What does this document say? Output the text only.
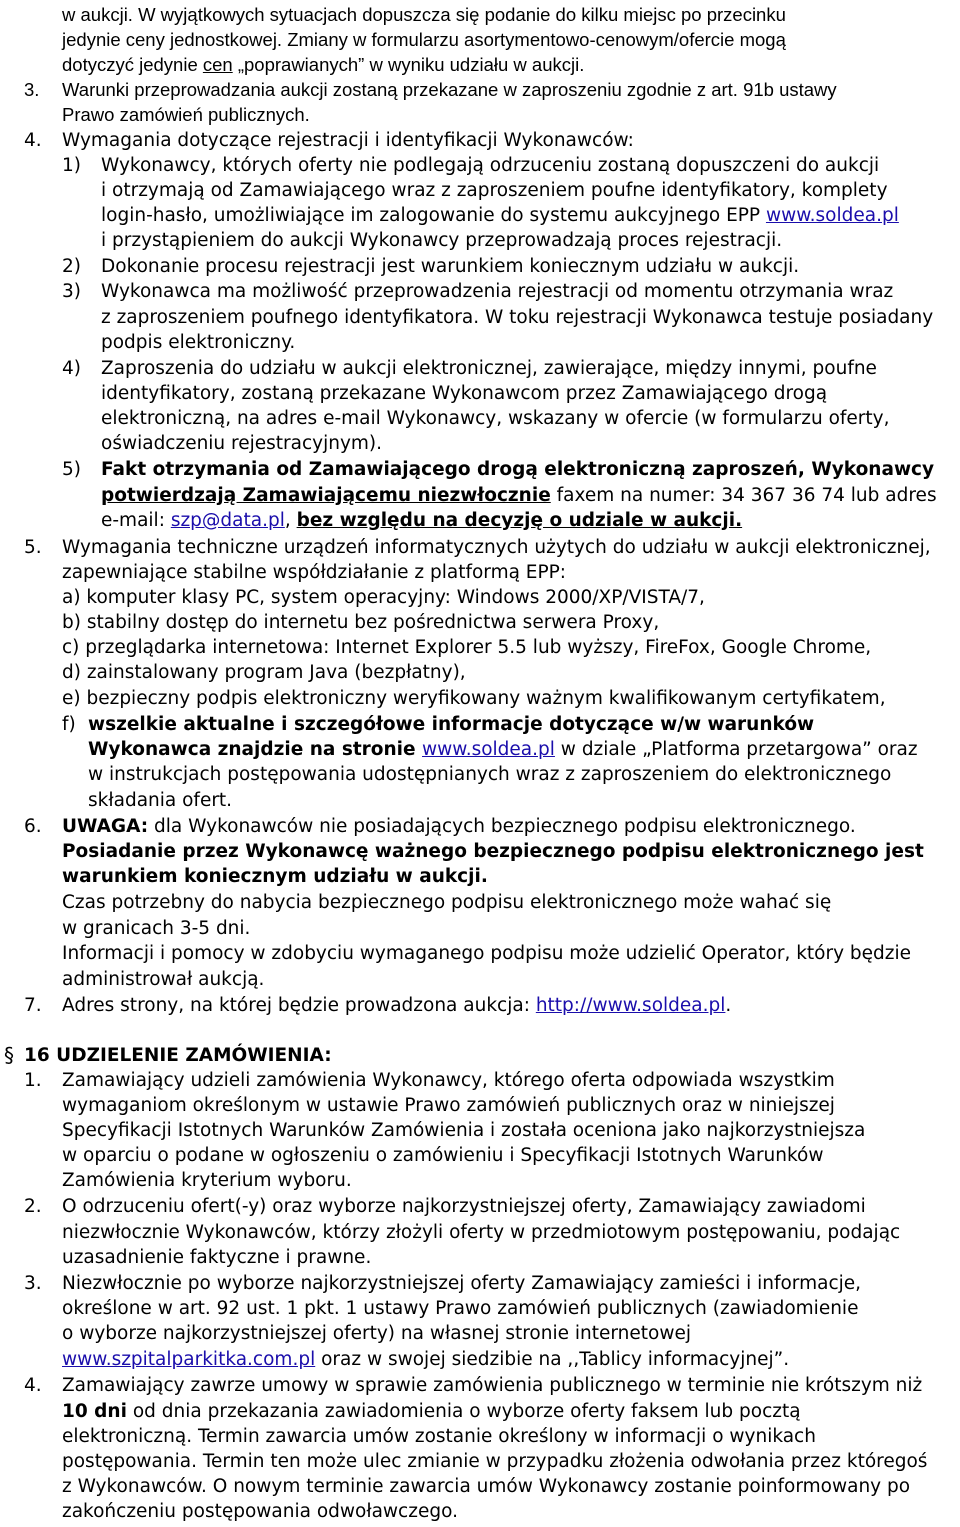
w aukcji. W wyjątkowych sytuacjach dopuszcza się podanie do kilku miejsc po przecinku
jedynie ceny jednostkowej. Zmiany w formularzu asortymentowo-cenowym/ofercie mogą
dotyczyć jedynie cen „poprawianych” w wyniku udziału w aukcji.
3. Warunki przeprowadzania aukcji zostaną przekazane w zaproszeniu zgodnie z art. 91b ustawy
Prawo zamówień publicznych.
4. Wymagania dotyczące rejestracji i identyfikacji Wykonawców:
1) Wykonawcy, których oferty nie podlegają odrzuceniu zostaną dopuszczeni do aukcji
i otrzymają od Zamawiającego wraz z zaproszeniem poufne identyfikatory, komplety
login-hasło, umożliwiające im zalogowanie do systemu aukcyjnego EPP www.soldea.pl
i przystąpieniem do aukcji Wykonawcy przeprowadzają proces rejestracji.
2) Dokonanie procesu rejestracji jest warunkiem koniecznym udziału w aukcji.
3) Wykonawca ma możliwość przeprowadzenia rejestracji od momentu otrzymania wraz
z zaproszeniem poufnego identyfikatora. W toku rejestracji Wykonawca testuje posiadany
podpis elektroniczny.
4) Zaproszenia do udziału w aukcji elektronicznej, zawierające, między innymi, poufne
identyfikatory, zostaną przekazane Wykonawcom przez Zamawiającego drogą
elektroniczną, na adres e-mail Wykonawcy, wskazany w ofercie (w formularzu oferty,
oświadczeniu rejestracyjnym).
5) Fakt otrzymania od Zamawiającego drogą elektroniczną zaproszeń, Wykonawcy
potwierdzają Zamawiającemu niezwłocznie faxem na numer: 34 367 36 74 lub adres
e-mail: szp@data.pl, bez względu na decyzję o udziale w aukcji.
5. Wymagania techniczne urządzeń informatycznych użytych do udziału w aukcji elektronicznej,
zapewniające stabilne współdziałanie z platformą EPP:
a) komputer klasy PC, system operacyjny: Windows 2000/XP/VISTA/7,
b) stabilny dostęp do internetu bez pośrednictwa serwera Proxy,
c) przeglądarka internetowa: Internet Explorer 5.5 lub wyższy, FireFox, Google Chrome,
d) zainstalowany program Java (bezpłatny),
e) bezpieczny podpis elektroniczny weryfikowany ważnym kwalifikowanym certyfikatem,
f) wszelkie aktualne i szczegółowe informacje dotyczące w/w warunków
Wykonawca znajdzie na stronie www.soldea.pl w dziale „Platforma przetargowa” oraz
w instrukcjach postępowania udostępnianych wraz z zaproszeniem do elektronicznego
składania ofert.
6. UWAGA: dla Wykonawców nie posiadających bezpiecznego podpisu elektronicznego.
Posiadanie przez Wykonawcę ważnego bezpiecznego podpisu elektronicznego jest
warunkiem koniecznym udziału w aukcji.
Czas potrzebny do nabycia bezpiecznego podpisu elektronicznego może wahać się
w granicach 3-5 dni.
Informacji i pomocy w zdobyciu wymaganego podpisu może udzielić Operator, który będzie
administrował aukcją.
7. Adres strony, na której będzie prowadzona aukcja: http://www.soldea.pl.
§ 16 UDZIELENIE ZAMÓWIENIA:
1. Zamawiający udzieli zamówienia Wykonawcy, którego oferta odpowiada wszystkim
wymaganiom określonym w ustawie Prawo zamówień publicznych oraz w niniejszej
Specyfikacji Istotnych Warunków Zamówienia i została oceniona jako najkorzystniejsza
w oparciu o podane w ogłoszeniu o zamówieniu i Specyfikacji Istotnych Warunków
Zamówienia kryterium wyboru.
2. O odrzuceniu ofert(-y) oraz wyborze najkorzystniejszej oferty, Zamawiający zawiadomi
niezwłocznie Wykonawców, którzy złożyli oferty w przedmiotowym postępowaniu, podając
uzasadnienie faktyczne i prawne.
3. Niezwłocznie po wyborze najkorzystniejszej oferty Zamawiający zamieści i informacje,
określone w art. 92 ust. 1 pkt. 1 ustawy Prawo zamówień publicznych (zawiadomienie
o wyborze najkorzystniejszej oferty) na własnej stronie internetowej
www.szpitalparkitka.com.pl oraz w swojej siedzibie na ,,Tablicy informacyjnej”.
4. Zamawiający zawrze umowy w sprawie zamówienia publicznego w terminie nie krótszym niż
10 dni od dnia przekazania zawiadomienia o wyborze oferty faksem lub pocztą
elektroniczną. Termin zawarcia umów zostanie określony w informacji o wynikach
postępowania. Termin ten może ulec zmianie w przypadku złożenia odwołania przez któregoś
z Wykonawców. O nowym terminie zawarcia umów Wykonawcy zostanie poinformowany po
zakończeniu postępowania odwoławczego.
